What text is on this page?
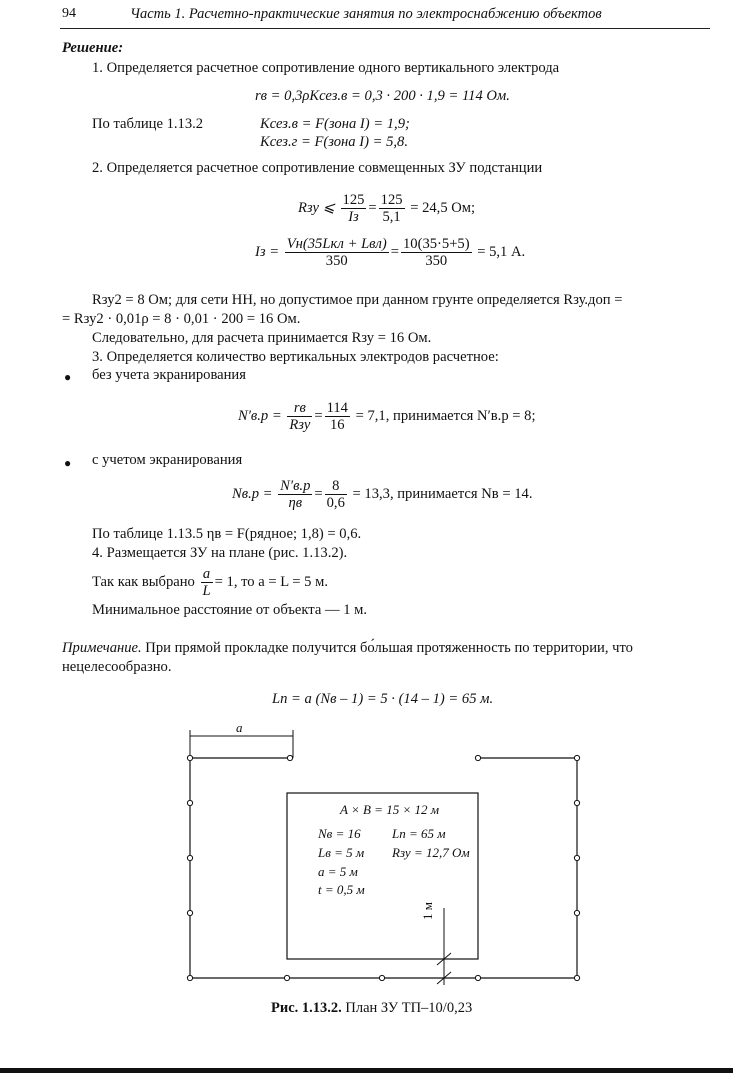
94	Часть 1. Расчетно-практические занятия по электроснабжению объектов
Решение:
1. Определяется расчетное сопротивление одного вертикального электрода
rв = 0,3ρKсез.в = 0,3 · 200 · 1,9 = 114 Ом.
По таблице 1.13.2	Kсез.в = F(зона I) = 1,9;
Kсез.г = F(зона I) = 5,8.
2. Определяется расчетное сопротивление совмещенных ЗУ подстанции
Rзу ⩽ $\frac{125}{Iз} = \frac{125}{5,1} = 24,5$ Ом;
Iз = $\frac{\text{Vн(35Lкл + Lвл)}}{350} = \frac{10(35\cdot 5+5)}{350} = 5,1$ А.
Rзу2 = 8 Ом; для сети НН, но допустимое при данном грунте определяется Rзу.доп =
= Rзу2 · 0,01ρ = 8 · 0,01 · 200 = 16 Ом.
Следовательно, для расчета принимается Rзу = 16 Ом.
3. Определяется количество вертикальных электродов расчетное:
● без учета экранирования
$N'в.р = \frac{rв}{\text{Rзу}} = \frac{114}{16} = 7,1$, принимается N′в.р = 8;
● с учетом экранирования
$Nв.р = \frac{N'в.р}{\eta в} = \frac{8}{0,6} = 13,3$, принимается Nв = 14.
По таблице 1.13.5 ηв = F(рядное; 1,8) = 0,6.
4. Размещается ЗУ на плане (рис. 1.13.2).
Так как выбрано $\frac{a}{L} = 1$, то a = L = 5 м.
Минимальное расстояние от объекта — 1 м.
Примечание. При прямой прокладке получится бо́льшая протяженность по территории, что
нецелесообразно.
Lп = a (Nв – 1) = 5 · (14 – 1) = 65 м.
a
A × B = 15 × 12 м
Nв = 16 Lп = 65 м
Lв = 5 м Rзу = 12,7 Ом
a = 5 м
t = 0,5 м
1 м
Рис. 1.13.2. План ЗУ ТП–10/0,23
